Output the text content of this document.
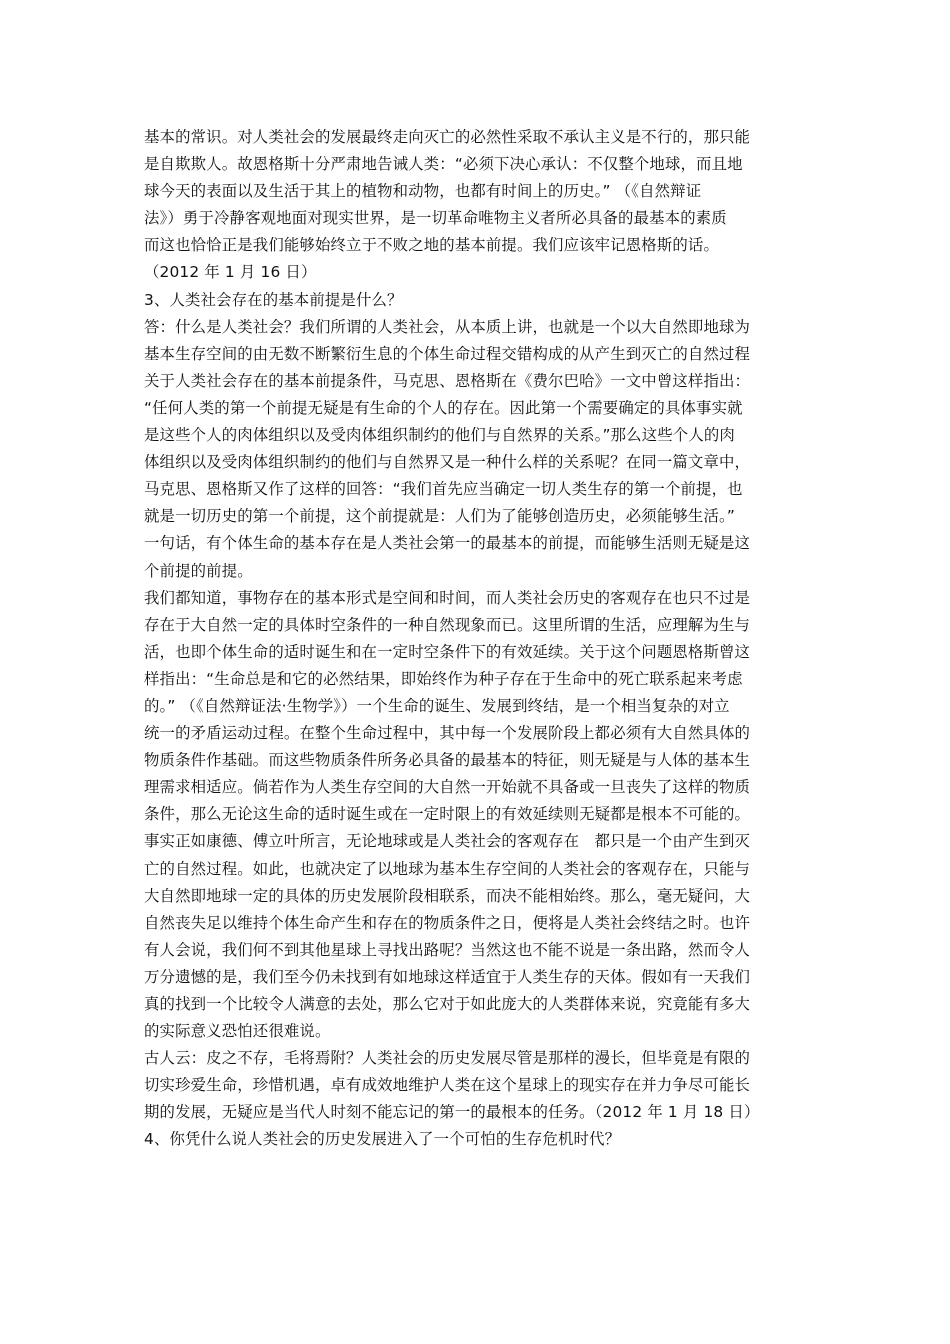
基本的常识。对人类社会的发展最终走向灭亡的必然性采取不承认主义是不行的，那只能
是自欺欺人。故恩格斯十分严肃地告诫人类：“必须下决心承认：不仅整个地球，而且地
球今天的表面以及生活于其上的植物和动物，也都有时间上的历史。” （《自然辩证
法》）勇于冷静客观地面对现实世界，是一切革命唯物主义者所必具备的最基本的素质
而这也恰恰正是我们能够始终立于不败之地的基本前提。我们应该牢记恩格斯的话。
（2012 年 1 月 16 日）
3、人类社会存在的基本前提是什么？
答：什么是人类社会？我们所谓的人类社会，从本质上讲，也就是一个以大自然即地球为
基本生存空间的由无数不断繁衍生息的个体生命过程交错构成的从产生到灭亡的自然过程
关于人类社会存在的基本前提条件，马克思、恩格斯在《费尔巴哈》一文中曾这样指出：
“任何人类的第一个前提无疑是有生命的个人的存在。因此第一个需要确定的具体事实就
是这些个人的肉体组织以及受肉体组织制约的他们与自然界的关系。”那么这些个人的肉
体组织以及受肉体组织制约的他们与自然界又是一种什么样的关系呢？在同一篇文章中，
马克思、恩格斯又作了这样的回答：“我们首先应当确定一切人类生存的第一个前提，也
就是一切历史的第一个前提，这个前提就是：人们为了能够创造历史，必须能够生活。”
一句话，有个体生命的基本存在是人类社会第一的最基本的前提，而能够生活则无疑是这
个前提的前提。
我们都知道，事物存在的基本形式是空间和时间，而人类社会历史的客观存在也只不过是
存在于大自然一定的具体时空条件的一种自然现象而已。这里所谓的生活，应理解为生与
活，也即个体生命的适时诞生和在一定时空条件下的有效延续。关于这个问题恩格斯曾这
样指出：“生命总是和它的必然结果，即始终作为种子存在于生命中的死亡联系起来考虑
的。” （《自然辩证法·生物学》）一个生命的诞生、发展到终结，是一个相当复杂的对立
统一的矛盾运动过程。在整个生命过程中，其中每一个发展阶段上都必须有大自然具体的
物质条件作基础。而这些物质条件所务必具备的最基本的特征，则无疑是与人体的基本生
理需求相适应。倘若作为人类生存空间的大自然一开始就不具备或一旦丧失了这样的物质
条件，那么无论这生命的适时诞生或在一定时限上的有效延续则无疑都是根本不可能的。
事实正如康德、傅立叶所言，无论地球或是人类社会的客观存在　都只是一个由产生到灭
亡的自然过程。如此，也就决定了以地球为基本生存空间的人类社会的客观存在，只能与
大自然即地球一定的具体的历史发展阶段相联系，而决不能相始终。那么，毫无疑问，大
自然丧失足以维持个体生命产生和存在的物质条件之日，便将是人类社会终结之时。也许
有人会说，我们何不到其他星球上寻找出路呢？当然这也不能不说是一条出路，然而令人
万分遗憾的是，我们至今仍未找到有如地球这样适宜于人类生存的天体。假如有一天我们
真的找到一个比较令人满意的去处，那么它对于如此庞大的人类群体来说，究竟能有多大
的实际意义恐怕还很难说。
古人云：皮之不存，毛将焉附？人类社会的历史发展尽管是那样的漫长，但毕竟是有限的
切实珍爱生命，珍惜机遇，卓有成效地维护人类在这个星球上的现实存在并力争尽可能长
期的发展，无疑应是当代人时刻不能忘记的第一的最根本的任务。（2012 年 1 月 18 日）
4、你凭什么说人类社会的历史发展进入了一个可怕的生存危机时代？
